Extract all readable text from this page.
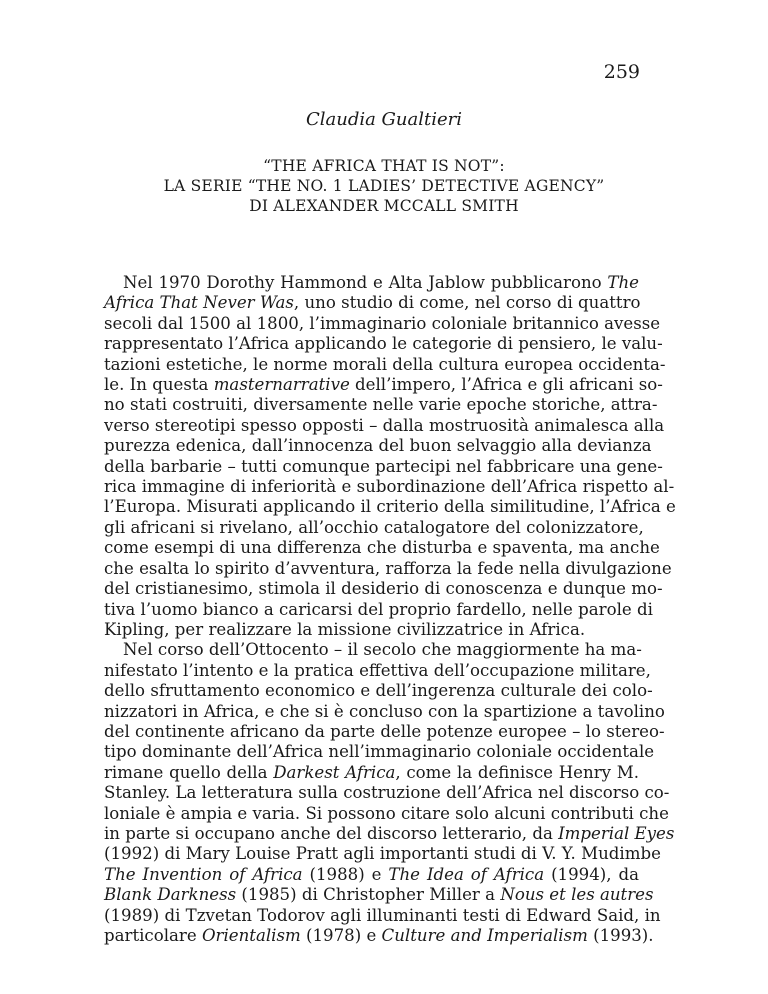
259
Claudia Gualtieri
“THE AFRICA THAT IS NOT”:
LA SERIE “THE NO. 1 LADIES’ DETECTIVE AGENCY”
DI ALEXANDER MCCALL SMITH
Nel 1970 Dorothy Hammond e Alta Jablow pubblicarono The
Africa That Never Was, uno studio di come, nel corso di quattro
secoli dal 1500 al 1800, l’immaginario coloniale britannico avesse
rappresentato l’Africa applicando le categorie di pensiero, le valu-
tazioni estetiche, le norme morali della cultura europea occidenta-
le. In questa masternarrative dell’impero, l’Africa e gli africani so-
no stati costruiti, diversamente nelle varie epoche storiche, attra-
verso stereotipi spesso opposti – dalla mostruosità animalesca alla
purezza edenica, dall’innocenza del buon selvaggio alla devianza
della barbarie – tutti comunque partecipi nel fabbricare una gene-
rica immagine di inferiorità e subordinazione dell’Africa rispetto al-
l’Europa. Misurati applicando il criterio della similitudine, l’Africa e
gli africani si rivelano, all’occhio catalogatore del colonizzatore,
come esempi di una differenza che disturba e spaventa, ma anche
che esalta lo spirito d’avventura, rafforza la fede nella divulgazione
del cristianesimo, stimola il desiderio di conoscenza e dunque mo-
tiva l’uomo bianco a caricarsi del proprio fardello, nelle parole di
Kipling, per realizzare la missione civilizzatrice in Africa.
Nel corso dell’Ottocento – il secolo che maggiormente ha ma-
nifestato l’intento e la pratica effettiva dell’occupazione militare,
dello sfruttamento economico e dell’ingerenza culturale dei colo-
nizzatori in Africa, e che si è concluso con la spartizione a tavolino
del continente africano da parte delle potenze europee – lo stereo-
tipo dominante dell’Africa nell’immaginario coloniale occidentale
rimane quello della Darkest Africa, come la definisce Henry M.
Stanley. La letteratura sulla costruzione dell’Africa nel discorso co-
loniale è ampia e varia. Si possono citare solo alcuni contributi che
in parte si occupano anche del discorso letterario, da Imperial Eyes
(1992) di Mary Louise Pratt agli importanti studi di V. Y. Mudimbe
The Invention of Africa (1988) e The Idea of Africa (1994), da
Blank Darkness (1985) di Christopher Miller a Nous et les autres
(1989) di Tzvetan Todorov agli illuminanti testi di Edward Said, in
particolare Orientalism (1978) e Culture and Imperialism (1993).
